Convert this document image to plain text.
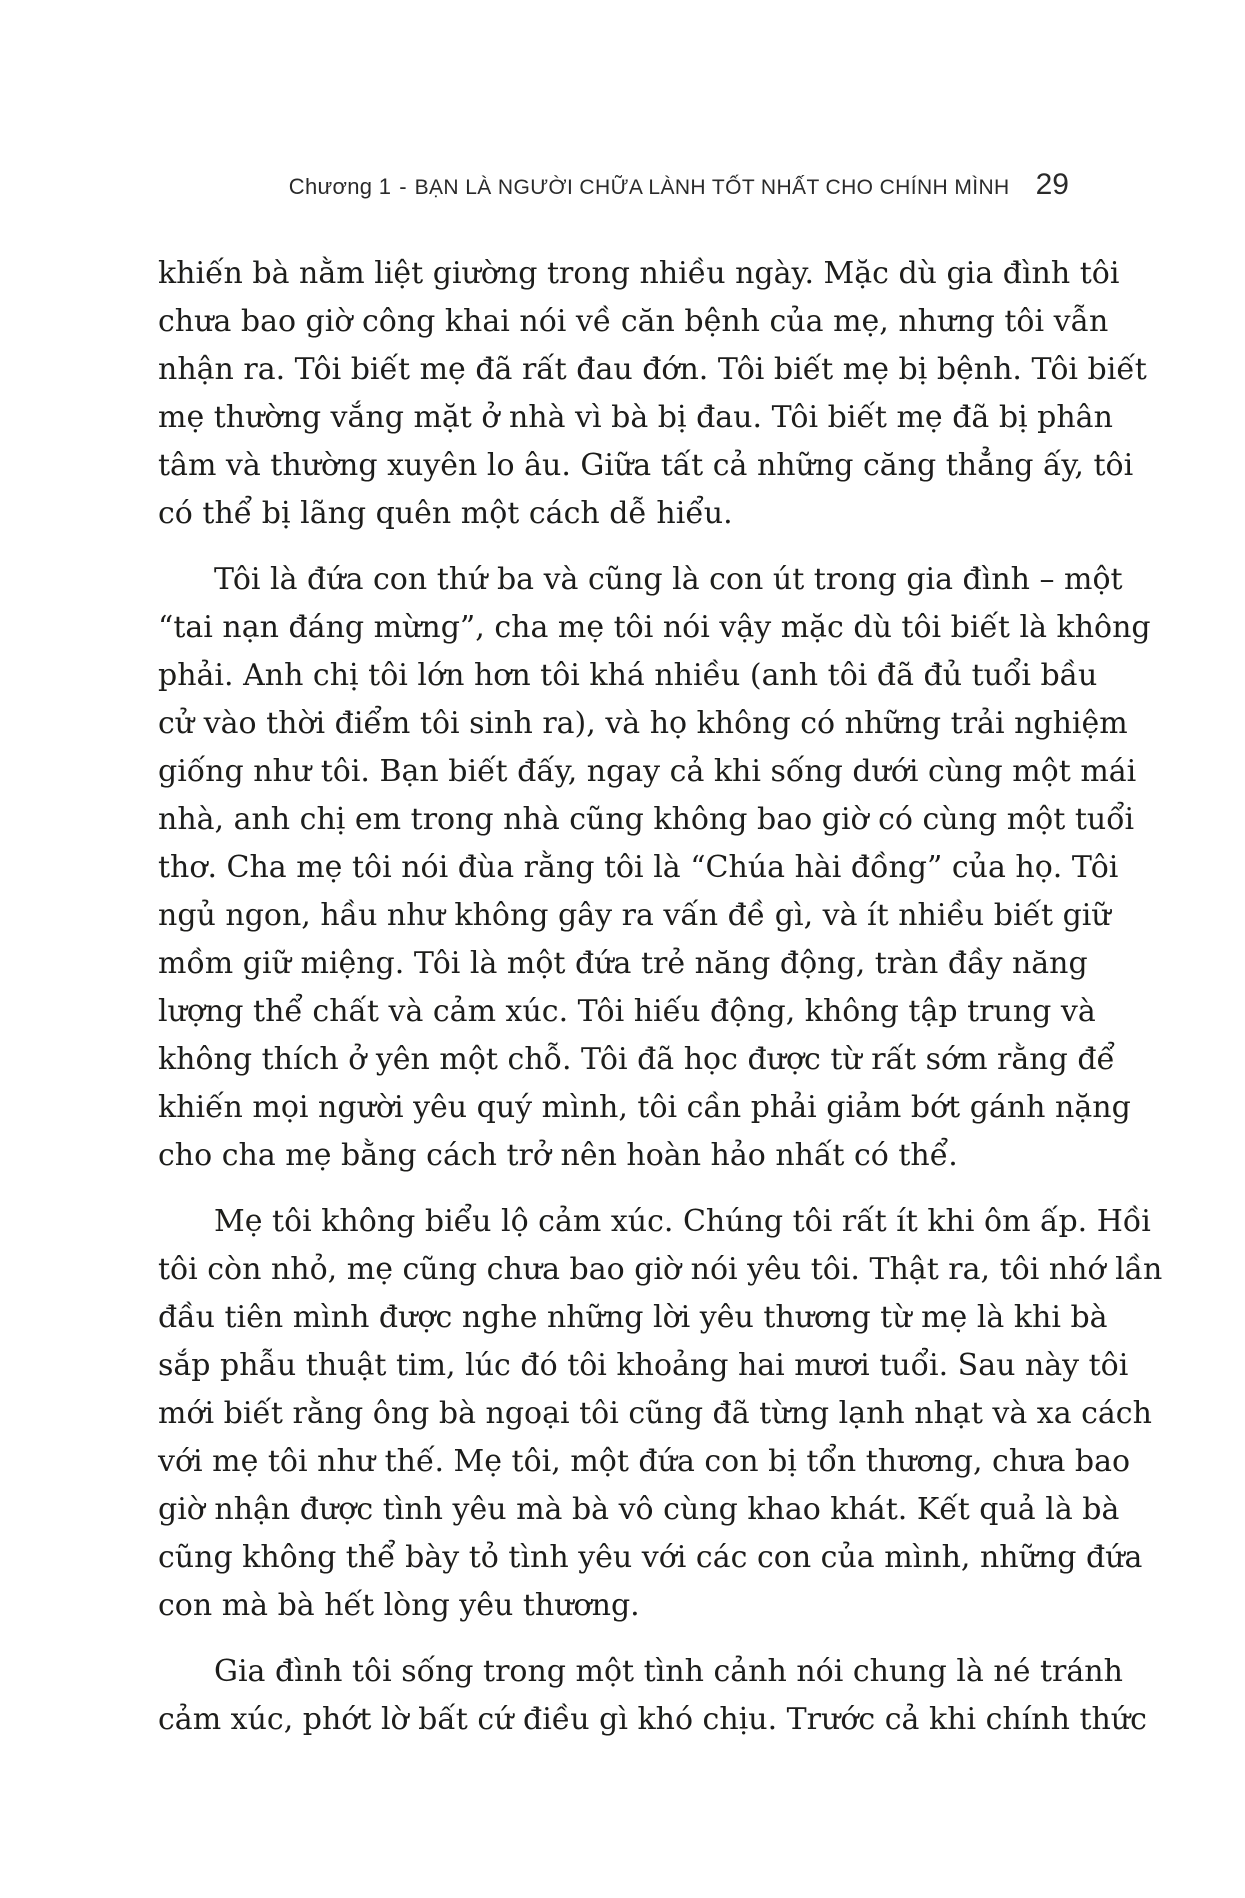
Chương 1 - BẠN LÀ NGƯỜI CHỮA LÀNH TỐT NHẤT CHO CHÍNH MÌNH 29
khiến bà nằm liệt giường trong nhiều ngày. Mặc dù gia đình tôi
chưa bao giờ công khai nói về căn bệnh của mẹ, nhưng tôi vẫn
nhận ra. Tôi biết mẹ đã rất đau đớn. Tôi biết mẹ bị bệnh. Tôi biết
mẹ thường vắng mặt ở nhà vì bà bị đau. Tôi biết mẹ đã bị phân
tâm và thường xuyên lo âu. Giữa tất cả những căng thẳng ấy, tôi
có thể bị lãng quên một cách dễ hiểu.
Tôi là đứa con thứ ba và cũng là con út trong gia đình – một
“tai nạn đáng mừng”, cha mẹ tôi nói vậy mặc dù tôi biết là không
phải. Anh chị tôi lớn hơn tôi khá nhiều (anh tôi đã đủ tuổi bầu
cử vào thời điểm tôi sinh ra), và họ không có những trải nghiệm
giống như tôi. Bạn biết đấy, ngay cả khi sống dưới cùng một mái
nhà, anh chị em trong nhà cũng không bao giờ có cùng một tuổi
thơ. Cha mẹ tôi nói đùa rằng tôi là “Chúa hài đồng” của họ. Tôi
ngủ ngon, hầu như không gây ra vấn đề gì, và ít nhiều biết giữ
mồm giữ miệng. Tôi là một đứa trẻ năng động, tràn đầy năng
lượng thể chất và cảm xúc. Tôi hiếu động, không tập trung và
không thích ở yên một chỗ. Tôi đã học được từ rất sớm rằng để
khiến mọi người yêu quý mình, tôi cần phải giảm bớt gánh nặng
cho cha mẹ bằng cách trở nên hoàn hảo nhất có thể.
Mẹ tôi không biểu lộ cảm xúc. Chúng tôi rất ít khi ôm ấp. Hồi
tôi còn nhỏ, mẹ cũng chưa bao giờ nói yêu tôi. Thật ra, tôi nhớ lần
đầu tiên mình được nghe những lời yêu thương từ mẹ là khi bà
sắp phẫu thuật tim, lúc đó tôi khoảng hai mươi tuổi. Sau này tôi
mới biết rằng ông bà ngoại tôi cũng đã từng lạnh nhạt và xa cách
với mẹ tôi như thế. Mẹ tôi, một đứa con bị tổn thương, chưa bao
giờ nhận được tình yêu mà bà vô cùng khao khát. Kết quả là bà
cũng không thể bày tỏ tình yêu với các con của mình, những đứa
con mà bà hết lòng yêu thương.
Gia đình tôi sống trong một tình cảnh nói chung là né tránh
cảm xúc, phớt lờ bất cứ điều gì khó chịu. Trước cả khi chính thức
